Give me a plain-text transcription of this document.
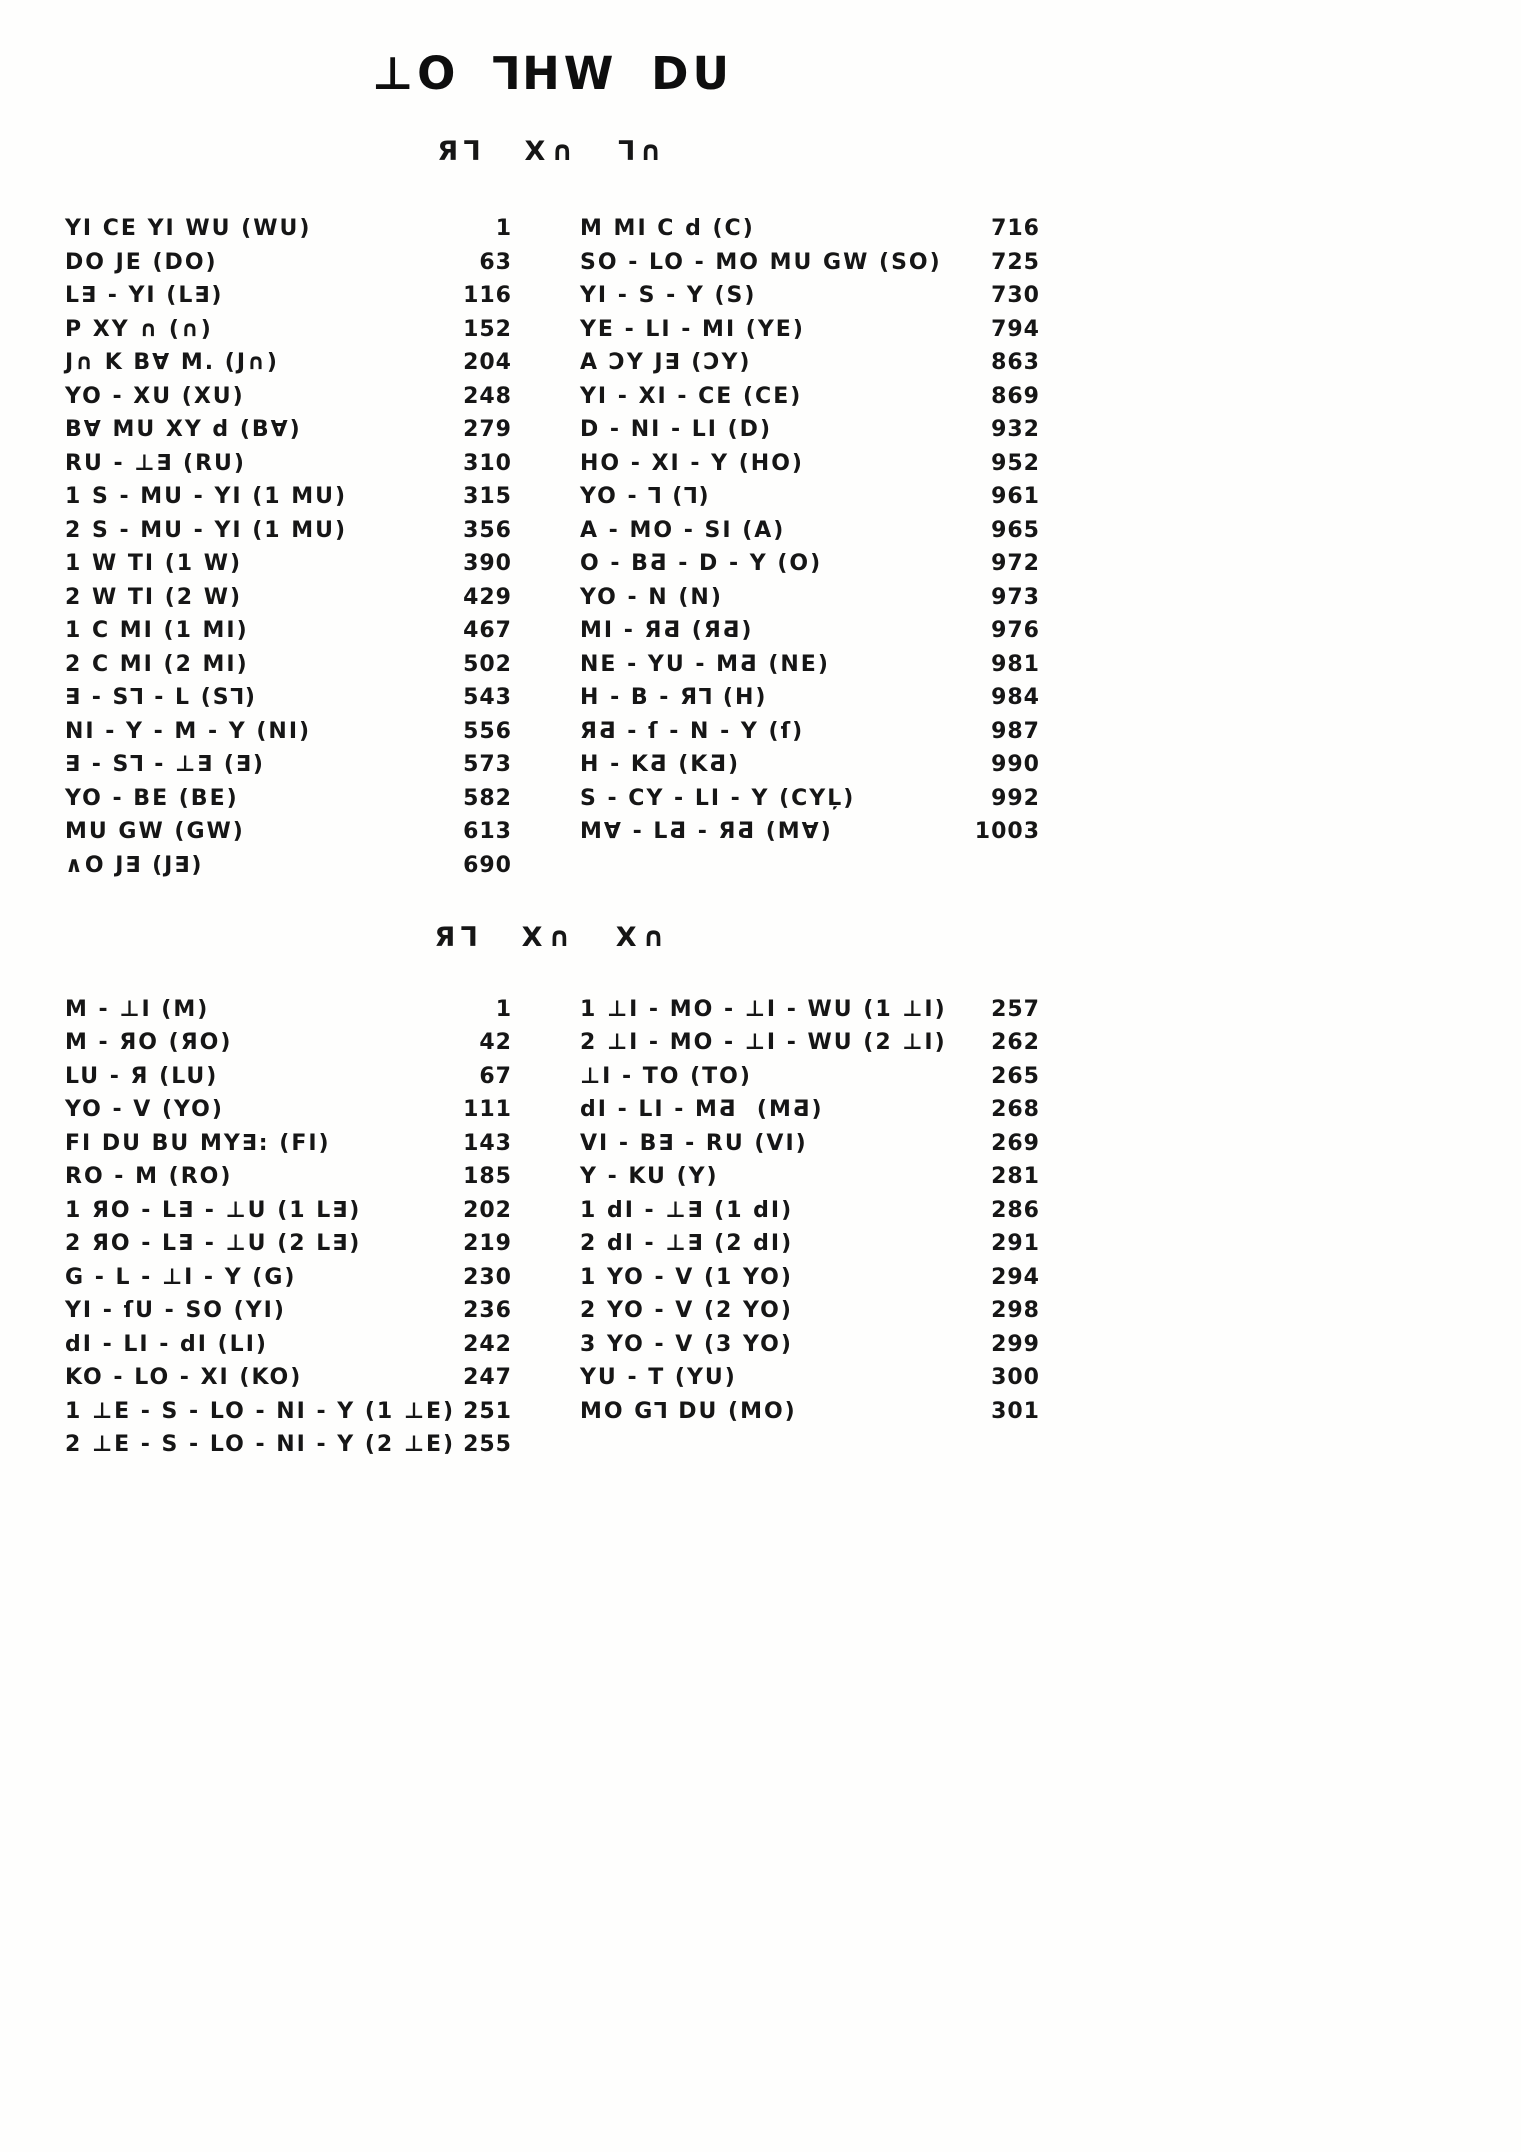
⊥O ⅂HW DU
Я⅂ X∩ ⅂∩
YI CE YI WU (WU)	1
DO JE (DO)	63
L∃ - YI (L∃)	116
P XY ∩ (∩)	152
J∩ K B∀ M. (J∩)	204
YO - XU (XU)	248
B∀ MU XY d (B∀)	279
RU - ⊥∃ (RU)	310
1 S - MU - YI (1 MU)	315
2 S - MU - YI (1 MU)	356
1 W TI (1 W)	390
2 W TI (2 W)	429
1 C MI (1 MI)	467
2 C MI (2 MI)	502
∃ - S⅂ - L (S⅂)	543
NI - Y - M - Y (NI)	556
∃ - S⅂ - ⊥∃ (∃)	573
YO - BE (BE)	582
MU GW (GW)	613
∧O J∃ (J∃)	690
M MI C d (C)	716
SO - LO - MO MU GW (SO) 725
YI - S - Y (S)	730
YE - LI - MI (YE)	794
A ƆY J∃ (ƆY)	863
YI - XI - CE (CE)	869
D - NI - LI (D)	932
HO - XI - Y (HO)	952
YO - ⅂ (⅂)	961
A - MO - SI (A)	965
O - BƋ - D - Y (O)	972
YO - N (N)	973
MI - ЯƋ (ЯƋ)	976
NE - YU - MƋ (NE)	981
H - B - Я⅂ (H)	984
ЯƋ - ſ - N - Y (ſ)	987
H - KƋ (KƋ)	990
S - CY - LI - Y (CYĻ)	992
M∀ - LƋ - ЯƋ (M∀)	1003
Я⅂ X∩ X∩
M - ⊥I (M)	1
M - ЯO (ЯO)	42
LU - Я (LU)	67
YO - V (YO)	111
FI DU BU MY∃: (FI)	143
RO - M (RO)	185
1 ЯO - L∃ - ⊥U (1 L∃)	202
2 ЯO - L∃ - ⊥U (2 L∃)	219
G - L - ⊥I - Y (G)	230
YI - ſU - SO (YI)	236
dI - LI - dI (LI)	242
KO - LO - XI (KO)	247
1 ⊥E - S - LO - NI - Y (1 ⊥E) 251
2 ⊥E - S - LO - NI - Y (2 ⊥E) 255
1 ⊥I - MO - ⊥I - WU (1 ⊥I) 257
2 ⊥I - MO - ⊥I - WU (2 ⊥I) 262
⊥I - TO (TO)	265
dI - LI - MƋ  (MƋ)	268
VI - B∃ - RU (VI)	269
Y - KU (Y)	281
1 dI - ⊥∃ (1 dI)	286
2 dI - ⊥∃ (2 dI)	291
1 YO - V (1 YO)	294
2 YO - V (2 YO)	298
3 YO - V (3 YO)	299
YU - T (YU)	300
MO G⅂ DU (MO)	301
